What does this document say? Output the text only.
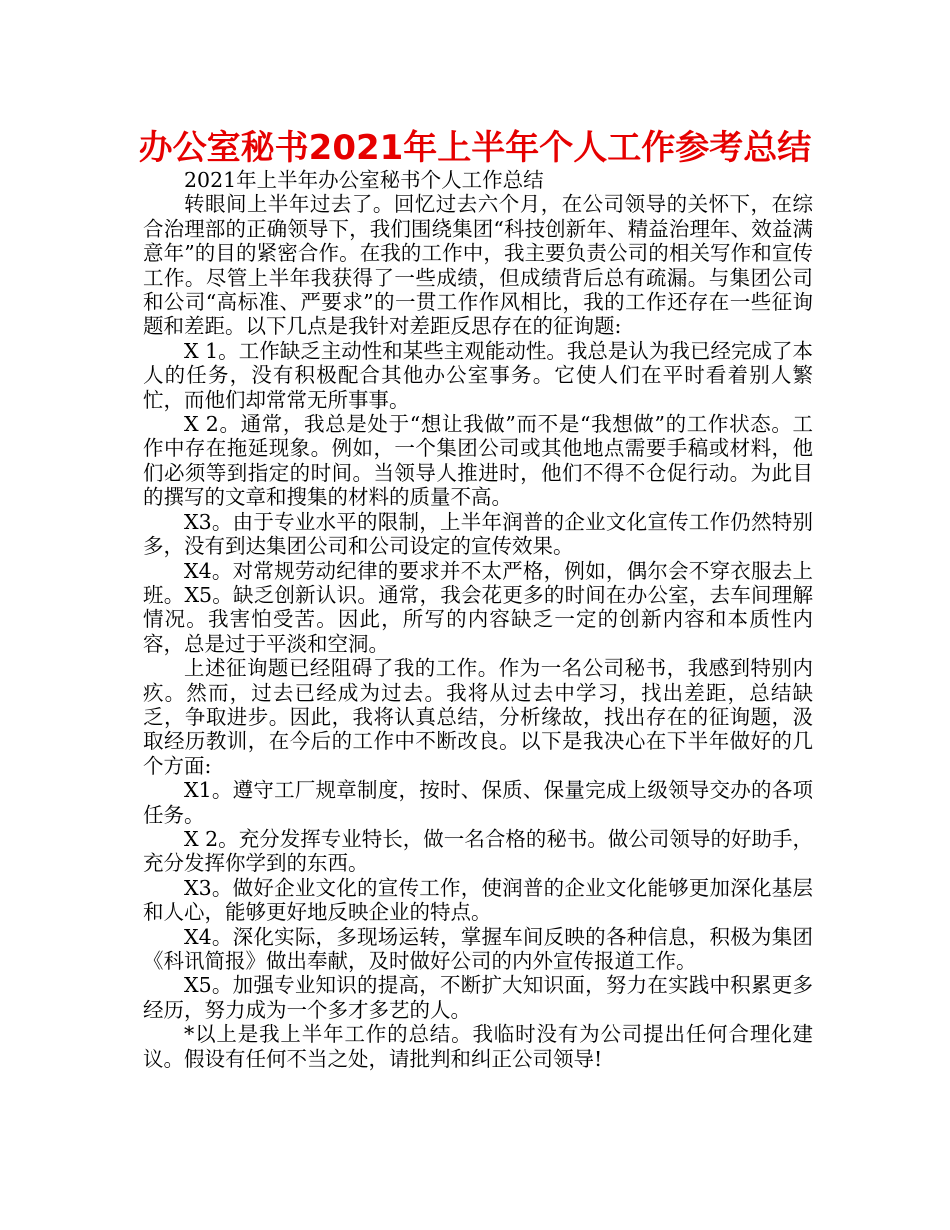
办公室秘书2021年上半年个人工作参考总结

2021年上半年办公室秘书个人工作总结

转眼间上半年过去了。回忆过去六个月，在公司领导的关怀下，在综合治理部的正确领导下，我们围绕集团“科技创新年、精益治理年、效益满意年”的目的紧密合作。在我的工作中，我主要负责公司的相关写作和宣传工作。尽管上半年我获得了一些成绩，但成绩背后总有疏漏。与集团公司和公司“高标准、严要求”的一贯工作作风相比，我的工作还存在一些征询题和差距。以下几点是我针对差距反思存在的征询题:

X 1。工作缺乏主动性和某些主观能动性。我总是认为我已经完成了本人的任务，没有积极配合其他办公室事务。它使人们在平时看着别人繁忙，而他们却常常无所事事。

X 2。通常，我总是处于“想让我做”而不是“我想做”的工作状态。工作中存在拖延现象。例如，一个集团公司或其他地点需要手稿或材料，他们必须等到指定的时间。当领导人推进时，他们不得不仓促行动。为此目的撰写的文章和搜集的材料的质量不高。

X3。由于专业水平的限制，上半年润普的企业文化宣传工作仍然特别多，没有到达集团公司和公司设定的宣传效果。

X4。对常规劳动纪律的要求并不太严格，例如，偶尔会不穿衣服去上班。X5。缺乏创新认识。通常，我会花更多的时间在办公室，去车间理解情况。我害怕受苦。因此，所写的内容缺乏一定的创新内容和本质性内容，总是过于平淡和空洞。

上述征询题已经阻碍了我的工作。作为一名公司秘书，我感到特别内疚。然而，过去已经成为过去。我将从过去中学习，找出差距，总结缺乏，争取进步。因此，我将认真总结，分析缘故，找出存在的征询题，汲取经历教训，在今后的工作中不断改良。以下是我决心在下半年做好的几个方面:

X1。遵守工厂规章制度，按时、保质、保量完成上级领导交办的各项任务。

X 2。充分发挥专业特长，做一名合格的秘书。做公司领导的好助手，充分发挥你学到的东西。

X3。做好企业文化的宣传工作，使润普的企业文化能够更加深化基层和人心，能够更好地反映企业的特点。

X4。深化实际，多现场运转，掌握车间反映的各种信息，积极为集团《科讯简报》做出奉献，及时做好公司的内外宣传报道工作。

X5。加强专业知识的提高，不断扩大知识面，努力在实践中积累更多经历，努力成为一个多才多艺的人。

*以上是我上半年工作的总结。我临时没有为公司提出任何合理化建议。假设有任何不当之处，请批判和纠正公司领导!
